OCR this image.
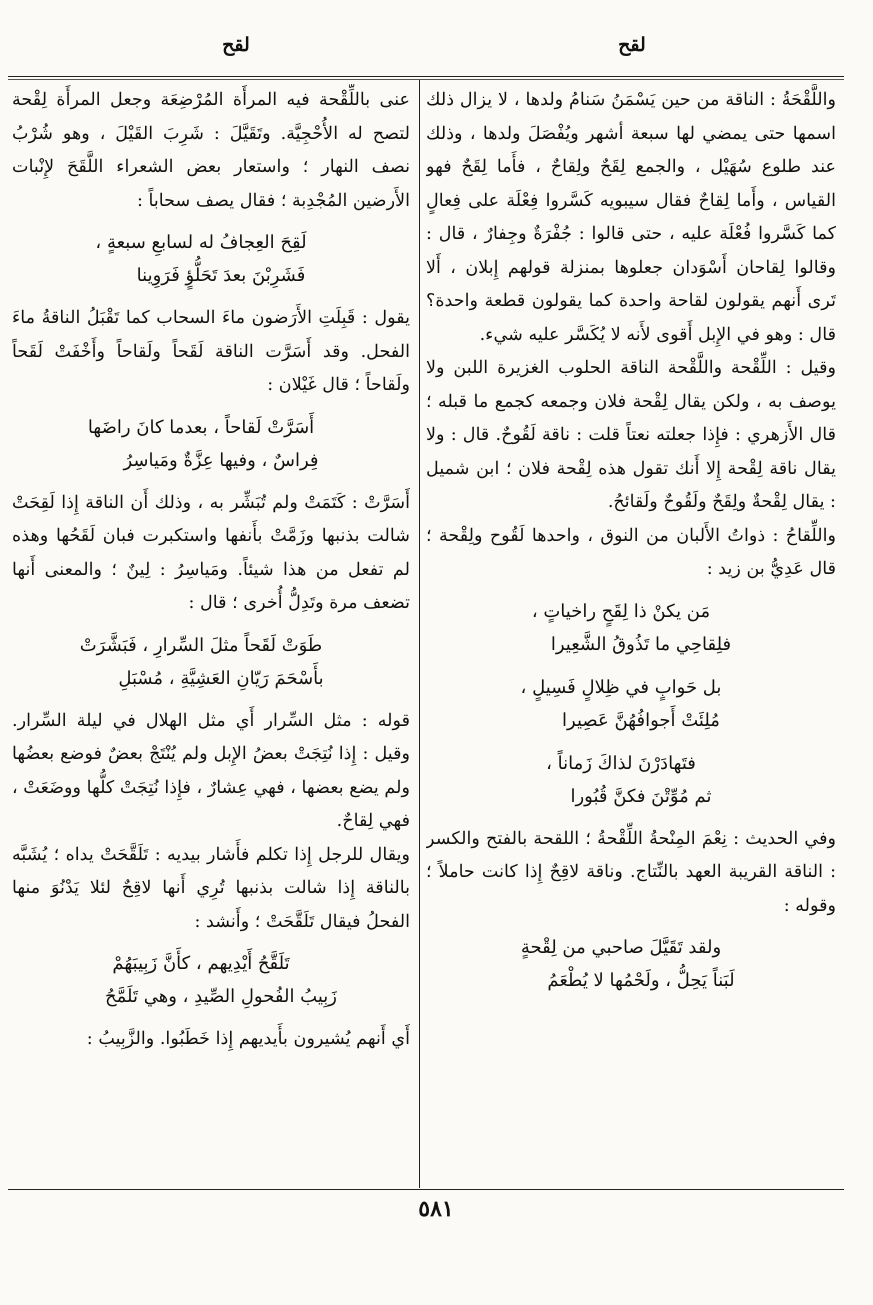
لقح
لقح

واللَّقْحَةُ : الناقة من حين يَسْمَنُ سَنامُ ولدها ، لا يزال ذلك اسمها حتى يمضي لها سبعة أشهر ويُفْصَلَ ولدها ، وذلك عند طلوع سُهَيْل ، والجمع لِقَحٌ ولِقاحٌ ، فأَما لِقَحٌ فهو القياس ، وأَما لِقاحٌ فقال سيبويه كَسَّروا فِعْلَة على فِعالٍ كما كَسَّروا فُعْلَة عليه ، حتى قالوا : جُفْرَةٌ وجِفارٌ ، قال : وقالوا لِقاحان أَسْوَدان جعلوها بمنزلة قولهم إِبلان ، أَلا تَرى أَنهم يقولون لقاحة واحدة كما يقولون قطعة واحدة؟ قال : وهو في الإِبل أَقوى لأَنه لا يُكَسَّر عليه شيء.

وقيل : اللِّقْحة واللَّقْحة الناقة الحلوب الغزيرة اللبن ولا يوصف به ، ولكن يقال لِقْحة فلان وجمعه كجمع ما قبله ؛ قال الأَزهري : فإِذا جعلته نعتاً قلت : ناقة لَقُوحٌ. قال : ولا يقال ناقة لِقْحة إِلا أَنك تقول هذه لِقْحة فلان ؛ ابن شميل : يقال لِقْحةٌ ولِقَحٌ ولَقُوحٌ ولَقائحُ.

واللِّقاحُ : ذواتُ الأَلبان من النوق ، واحدها لَقُوح ولِقْحة ؛ قال عَدِيُّ بن زيد :

مَن يكنْ ذا لِقَحٍ راخياتٍ ،
فلِقاحِي ما تَذُوقُ الشَّعِيرا
بل حَوابٍ في ظِلالٍ فَسِيلٍ ،
مُلِئَتْ أَجوافُهُنَّ عَصِيرا
فتَهادَرْنَ لذاكَ زَماناً ،
ثم مُوِّتْنَ فكنَّ قُبُورا

وفي الحديث : نِعْمَ المِنْحةُ اللِّقْحةُ ؛ اللقحة بالفتح والكسر : الناقة القريبة العهد بالنِّتاج. وناقة لاقِحٌ إِذا كانت حاملاً ؛ وقوله :

ولقد تَقَيَّلَ صاحبي من لِقْحةٍ
لَبَناً يَحِلُّ ، ولَحْمُها لا يُطْعَمُ

عنى باللِّقْحة فيه المرأَة المُرْضِعَة وجعل المرأَة لِقْحة لتصح له الأُحْجِيَّة. وتَقَيَّلَ : شَرِبَ القَيْلَ ، وهو شُرْبُ نصف النهار ؛ واستعار بعض الشعراء اللَّقَحَ لإِنْبات الأَرضين المُجْدِبة ؛ فقال يصف سحاباً :

لَقِحَ العِجافُ له لسابعِ سبعةٍ ،
فَشَرِبْنَ بعدَ تَحَلُّؤٍ فَرَوِينا

يقول : قَبِلَتِ الأَرَضون ماءَ السحاب كما تَقْبَلُ الناقةُ ماءَ الفحل. وقد أَسَرَّت الناقة لَقَحاً ولَقاحاً وأَخْفَتْ لَقَحاً ولَقاحاً ؛ قال غَيْلان :

أَسَرَّتْ لَقاحاً ، بعدما كانَ راضَها
فِراسٌ ، وفيها عِزَّةٌ ومَياسِرُ

أَسَرَّتْ : كَتَمَتْ ولم تُبَشِّر به ، وذلك أَن الناقة إِذا لَقِحَتْ شالت بذنبها وزَمَّتْ بأَنفها واستكبرت فبان لَقَحُها وهذه لم تفعل من هذا شيئاً. ومَياسِرُ : لِينٌ ؛ والمعنى أَنها تضعف مرة وتَدِلُّ أُخرى ؛ قال :

طَوَتْ لَقَحاً مثلَ السِّرارِ ، فَبَشَّرَتْ
بأَسْحَمَ رَيّانِ العَشِيَّةِ ، مُسْبَلِ

قوله : مثل السِّرار أَي مثل الهلال في ليلة السِّرار. وقيل : إِذا نُتِجَتْ بعضُ الإِبل ولم يُنْتَجْ بعضٌ فوضع بعضُها ولم يضع بعضها ، فهي عِشارٌ ، فإِذا نُتِجَتْ كلُّها ووضَعَتْ ، فهي لِقاحٌ.

ويقال للرجل إِذا تكلم فأَشار بيديه : تَلَقَّحَتْ يداه ؛ يُشَبَّه بالناقة إِذا شالت بذنبها تُرِي أَنها لاقِحٌ لئلا يَدْنُوَ منها الفحلُ فيقال تَلَقَّحَتْ ؛ وأَنشد :

تَلَقَّحُ أَيْدِيهم ، كأَنَّ زَبِيبَهُمْ
زَبِيبُ الفُحولِ الصِّيدِ ، وهي تَلَمَّحُ

أَي أَنهم يُشيرون بأَيديهم إِذا خَطَبُوا. والزَّبِيبُ :

٥٨١
